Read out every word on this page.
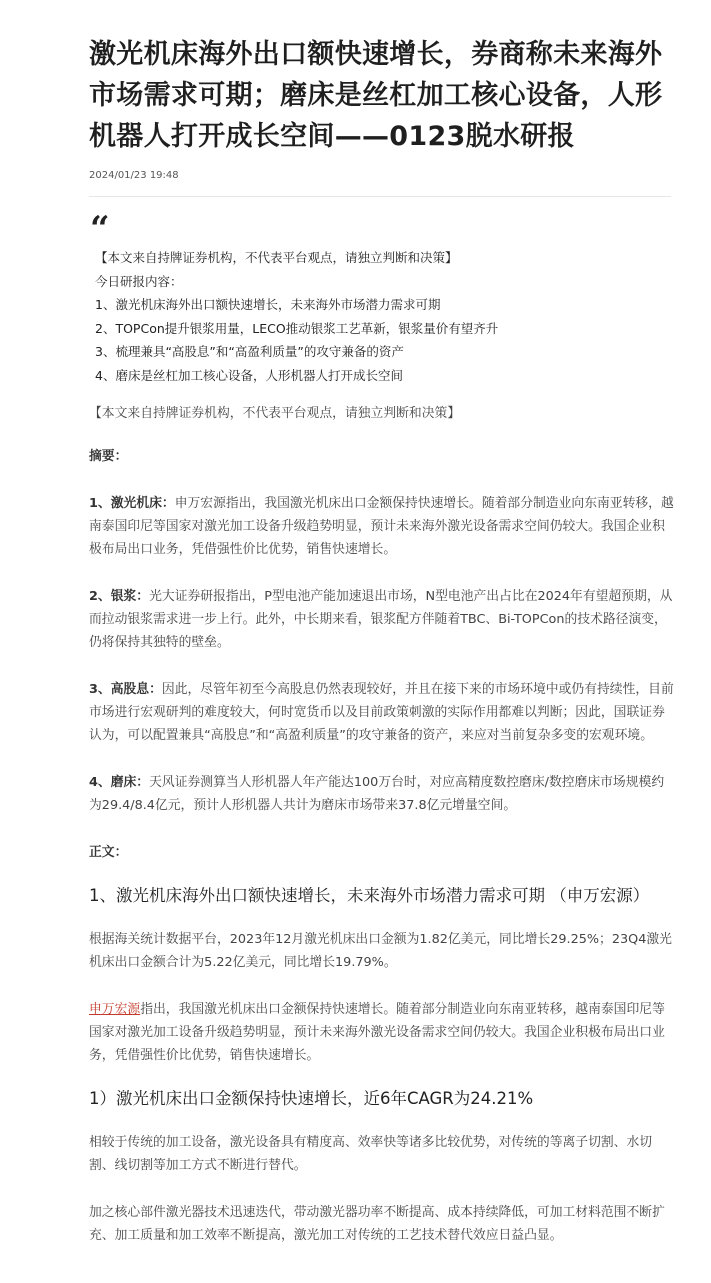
激光机床海外出口额快速增长，券商称未来海外市场需求可期；磨床是丝杠加工核心设备，人形机器人打开成长空间——0123脱水研报
2024/01/23 19:48
“
【本文来自持牌证券机构，不代表平台观点，请独立判断和决策】
今日研报内容：
1、激光机床海外出口额快速增长，未来海外市场潜力需求可期
2、TOPCon提升银浆用量，LECO推动银浆工艺革新，银浆量价有望齐升
3、梳理兼具“高股息”和“高盈利质量”的攻守兼备的资产
4、磨床是丝杠加工核心设备，人形机器人打开成长空间

【本文来自持牌证券机构，不代表平台观点，请独立判断和决策】

摘要：

1、激光机床：申万宏源指出，我国激光机床出口金额保持快速增长。随着部分制造业向东南亚转移，越南泰国印尼等国家对激光加工设备升级趋势明显，预计未来海外激光设备需求空间仍较大。我国企业积极布局出口业务，凭借强性价比优势，销售快速增长。

2、银浆：光大证券研报指出，P型电池产能加速退出市场，N型电池产出占比在2024年有望超预期，从而拉动银浆需求进一步上行。此外，中长期来看，银浆配方伴随着TBC、Bi-TOPCon的技术路径演变，仍将保持其独特的壁垒。

3、高股息：因此，尽管年初至今高股息仍然表现较好，并且在接下来的市场环境中或仍有持续性，目前市场进行宏观研判的难度较大，何时宽货币以及目前政策刺激的实际作用都难以判断；因此，国联证券认为，可以配置兼具“高股息”和“高盈利质量”的攻守兼备的资产，来应对当前复杂多变的宏观环境。

4、磨床：天风证券测算当人形机器人年产能达100万台时，对应高精度数控磨床/数控磨床市场规模约为29.4/8.4亿元，预计人形机器人共计为磨床市场带来37.8亿元增量空间。

正文：

1、激光机床海外出口额快速增长，未来海外市场潜力需求可期 （申万宏源）

根据海关统计数据平台，2023年12月激光机床出口金额为1.82亿美元，同比增长29.25%；23Q4激光机床出口金额合计为5.22亿美元，同比增长19.79%。

申万宏源指出，我国激光机床出口金额保持快速增长。随着部分制造业向东南亚转移，越南泰国印尼等国家对激光加工设备升级趋势明显，预计未来海外激光设备需求空间仍较大。我国企业积极布局出口业务，凭借强性价比优势，销售快速增长。

1）激光机床出口金额保持快速增长，近6年CAGR为24.21%

相较于传统的加工设备，激光设备具有精度高、效率快等诸多比较优势，对传统的等离子切割、水切割、线切割等加工方式不断进行替代。

加之核心部件激光器技术迅速迭代，带动激光器功率不断提高、成本持续降低，可加工材料范围不断扩充、加工质量和加工效率不断提高，激光加工对传统的工艺技术替代效应日益凸显。
